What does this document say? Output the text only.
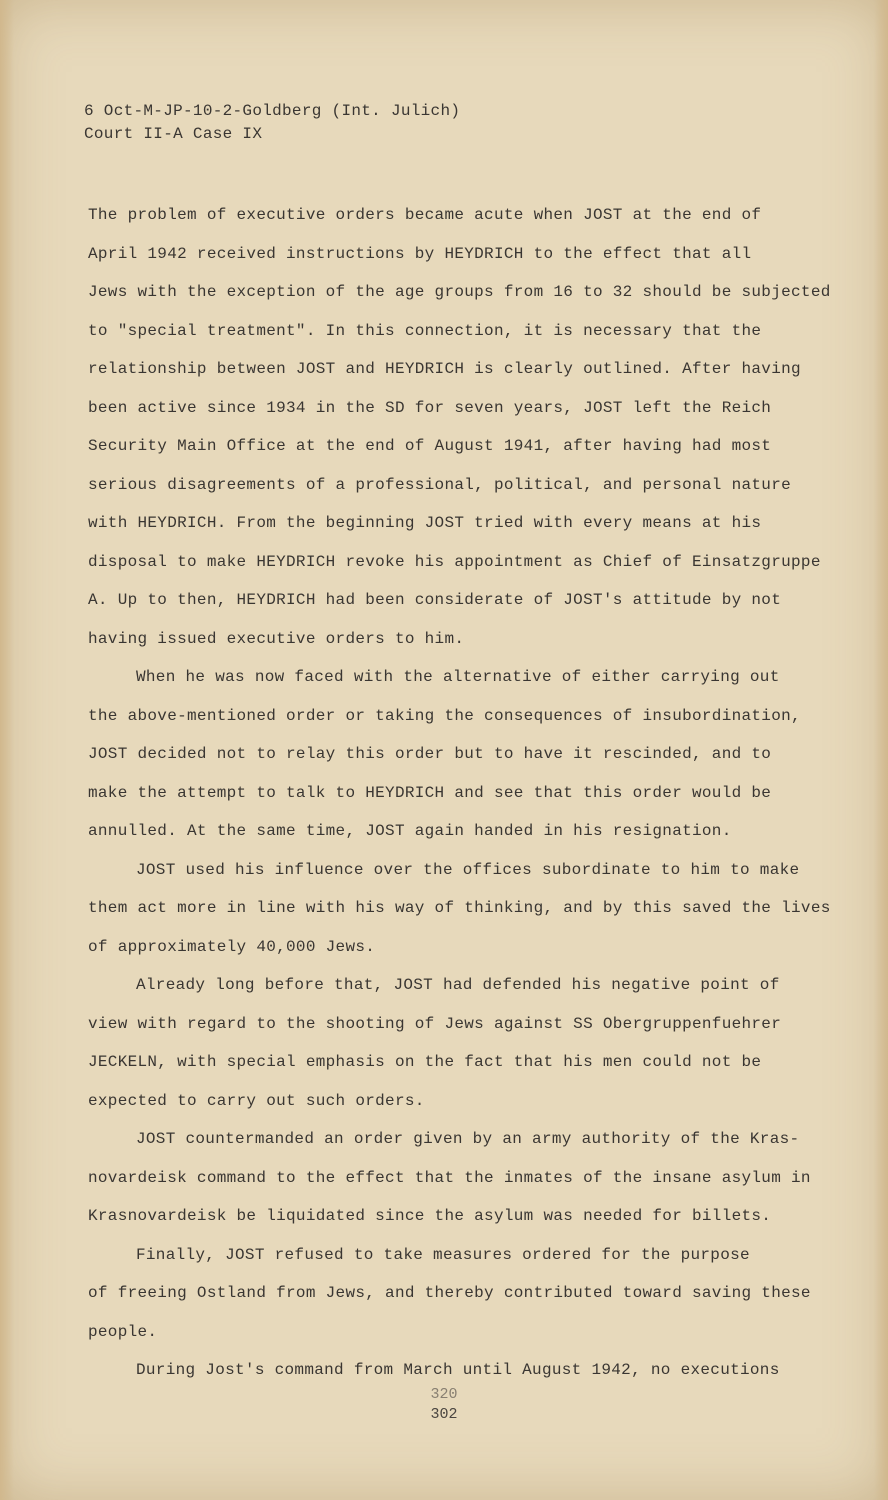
6 Oct-M-JP-10-2-Goldberg (Int. Julich)
Court II-A Case IX
The problem of executive orders became acute when JOST at the end of
April 1942 received instructions by HEYDRICH to the effect that all
Jews with the exception of the age groups from 16 to 32 should be subjected
to "special treatment". In this connection, it is necessary that the
relationship between JOST and HEYDRICH is clearly outlined. After having
been active since 1934 in the SD for seven years, JOST left the Reich
Security Main Office at the end of August 1941, after having had most
serious disagreements of a professional, political, and personal nature
with HEYDRICH. From the beginning JOST tried with every means at his
disposal to make HEYDRICH revoke his appointment as Chief of Einsatzgruppe
A. Up to then, HEYDRICH had been considerate of JOST's attitude by not
having issued executive orders to him.
When he was now faced with the alternative of either carrying out
the above-mentioned order or taking the consequences of insubordination,
JOST decided not to relay this order but to have it rescinded, and to
make the attempt to talk to HEYDRICH and see that this order would be
annulled. At the same time, JOST again handed in his resignation.
JOST used his influence over the offices subordinate to him to make
them act more in line with his way of thinking, and by this saved the lives
of approximately 40,000 Jews.
Already long before that, JOST had defended his negative point of
view with regard to the shooting of Jews against SS Obergruppenfuehrer
JECKELN, with special emphasis on the fact that his men could not be
expected to carry out such orders.
JOST countermanded an order given by an army authority of the Kras-
novardeisk command to the effect that the inmates of the insane asylum in
Krasnovardeisk be liquidated since the asylum was needed for billets.
Finally, JOST refused to take measures ordered for the purpose
of freeing Ostland from Jews, and thereby contributed toward saving these
people.
During Jost's command from March until August 1942, no executions
320
302
